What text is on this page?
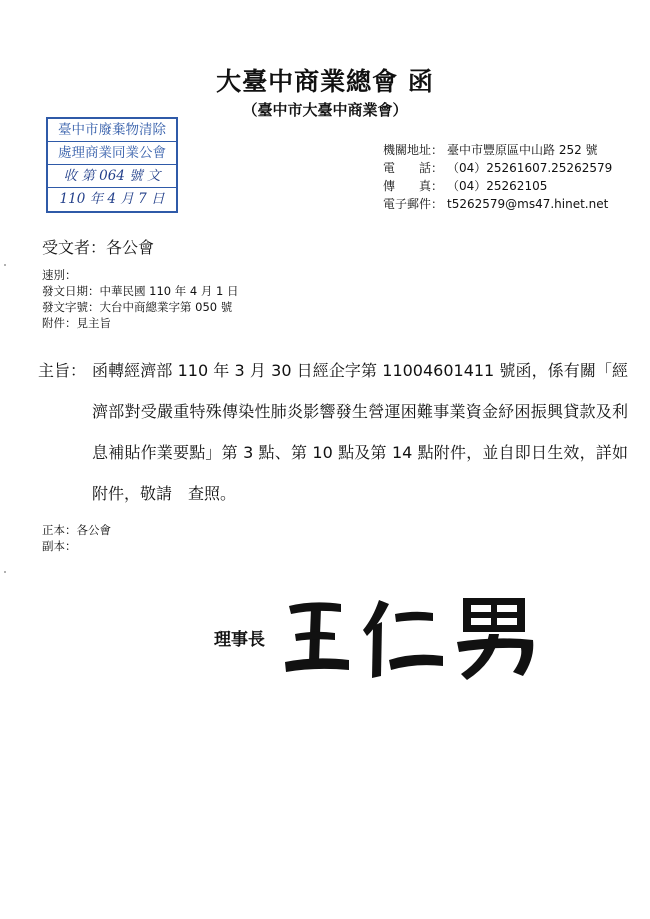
大臺中商業總會 函
（臺中市大臺中商業會）
臺中市廢棄物清除
處理商業同業公會
收 第 064 號 文
110 年 4 月 7 日
機關地址： 臺中市豐原區中山路 252 號
電　　話： （04）25261607.25262579
傳　　真： （04）25262105
電子郵件： t5262579@ms47.hinet.net
受文者：各公會
速別：
發文日期：中華民國 110 年 4 月 1 日
發文字號：大台中商總業字第 050 號
附件：見主旨
主旨： 函轉經濟部 110 年 3 月 30 日經企字第 11004601411 號函，係有關「經濟部對受嚴重特殊傳染性肺炎影響發生營運困難事業資金紓困振興貸款及利息補貼作業要點」第 3 點、第 10 點及第 14 點附件，並自即日生效，詳如附件，敬請　查照。
正本：各公會
副本：
理事長
